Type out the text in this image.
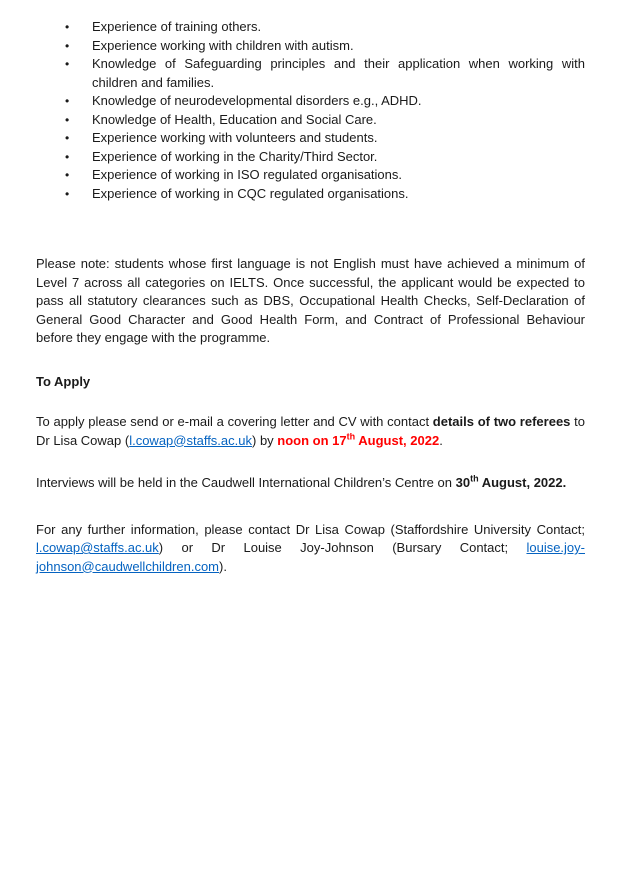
• Experience of training others.
• Experience working with children with autism.
• Knowledge of Safeguarding principles and their application when working with children and families.
• Knowledge of neurodevelopmental disorders e.g., ADHD.
• Knowledge of Health, Education and Social Care.
• Experience working with volunteers and students.
• Experience of working in the Charity/Third Sector.
• Experience of working in ISO regulated organisations.
• Experience of working in CQC regulated organisations.

Please note: students whose first language is not English must have achieved a minimum of Level 7 across all categories on IELTS. Once successful, the applicant would be expected to pass all statutory clearances such as DBS, Occupational Health Checks, Self-Declaration of General Good Character and Good Health Form, and Contract of Professional Behaviour before they engage with the programme.

To Apply

To apply please send or e-mail a covering letter and CV with contact details of two referees to Dr Lisa Cowap (l.cowap@staffs.ac.uk) by noon on 17th August, 2022.

Interviews will be held in the Caudwell International Children’s Centre on 30th August, 2022.

For any further information, please contact Dr Lisa Cowap (Staffordshire University Contact; l.cowap@staffs.ac.uk) or Dr Louise Joy-Johnson (Bursary Contact; louise.joy-johnson@caudwellchildren.com).
